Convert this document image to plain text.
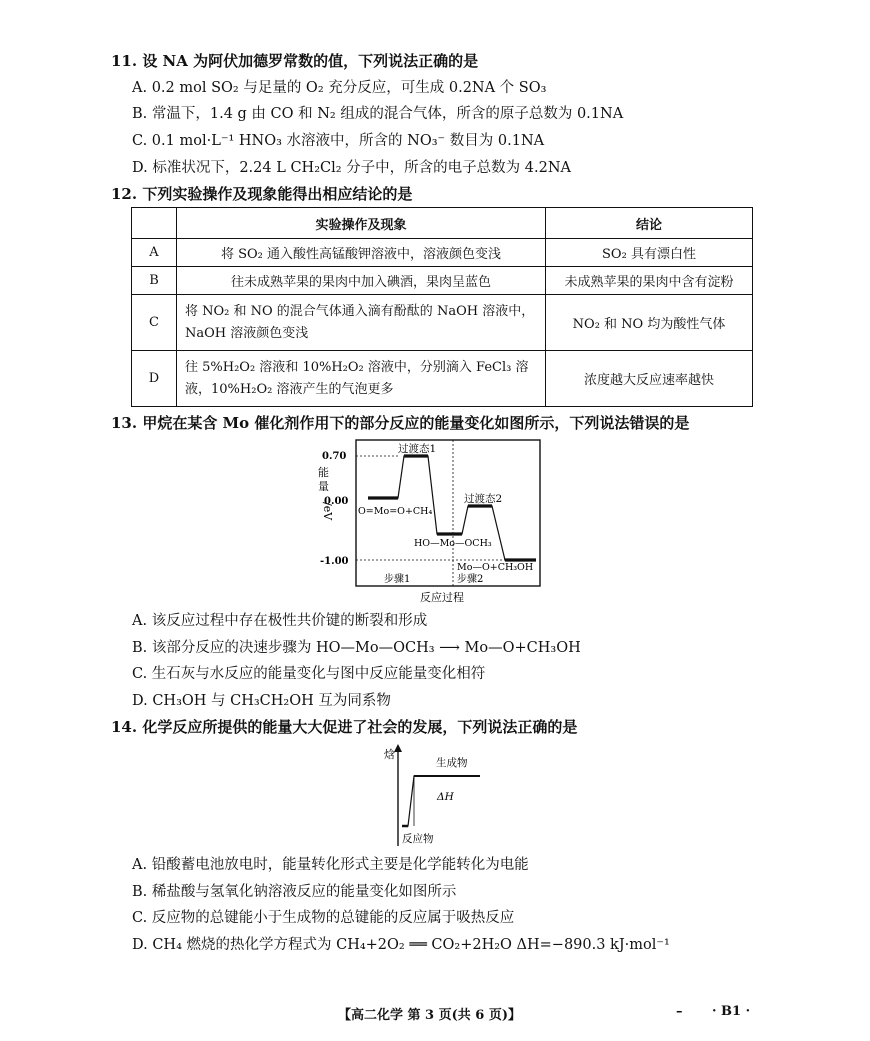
11. 设 NA 为阿伏加德罗常数的值，下列说法正确的是
A. 0.2 mol SO₂ 与足量的 O₂ 充分反应，可生成 0.2NA 个 SO₃
B. 常温下，1.4 g 由 CO 和 N₂ 组成的混合气体，所含的原子总数为 0.1NA
C. 0.1 mol·L⁻¹ HNO₃ 水溶液中，所含的 NO₃⁻ 数目为 0.1NA
D. 标准状况下，2.24 L CH₂Cl₂ 分子中，所含的电子总数为 4.2NA
12. 下列实验操作及现象能得出相应结论的是
	实验操作及现象	结论
A	将 SO₂ 通入酸性高锰酸钾溶液中，溶液颜色变浅	SO₂ 具有漂白性
B	往未成熟苹果的果肉中加入碘酒，果肉呈蓝色	未成熟苹果的果肉中含有淀粉
C	将 NO₂ 和 NO 的混合气体通入滴有酚酞的 NaOH 溶液中，NaOH 溶液颜色变浅	NO₂ 和 NO 均为酸性气体
D	往 5%H₂O₂ 溶液和 10%H₂O₂ 溶液中，分别滴入 FeCl₃ 溶液，10%H₂O₂ 溶液产生的气泡更多	浓度越大反应速率越快
13. 甲烷在某含 Mo 催化剂作用下的部分反应的能量变化如图所示，下列说法错误的是
能
量
/eV
0.70
0.00
-1.00
过渡态1
过渡态2
O=Mo=O+CH₄
HO—Mo—OCH₃
Mo—O+CH₃OH
步骤1	步骤2
反应过程
A. 该反应过程中存在极性共价键的断裂和形成
B. 该部分反应的决速步骤为 HO—Mo—OCH₃ ⟶ Mo—O+CH₃OH
C. 生石灰与水反应的能量变化与图中反应能量变化相符
D. CH₃OH 与 CH₃CH₂OH 互为同系物
14. 化学反应所提供的能量大大促进了社会的发展，下列说法正确的是
焓
生成物
ΔH
反应物
A. 铅酸蓄电池放电时，能量转化形式主要是化学能转化为电能
B. 稀盐酸与氢氧化钠溶液反应的能量变化如图所示
C. 反应物的总键能小于生成物的总键能的反应属于吸热反应
D. CH₄ 燃烧的热化学方程式为 CH₄+2O₂ ══ CO₂+2H₂O ΔH=−890.3 kJ·mol⁻¹
【高二化学 第 3 页(共 6 页)】	– · B1 ·
